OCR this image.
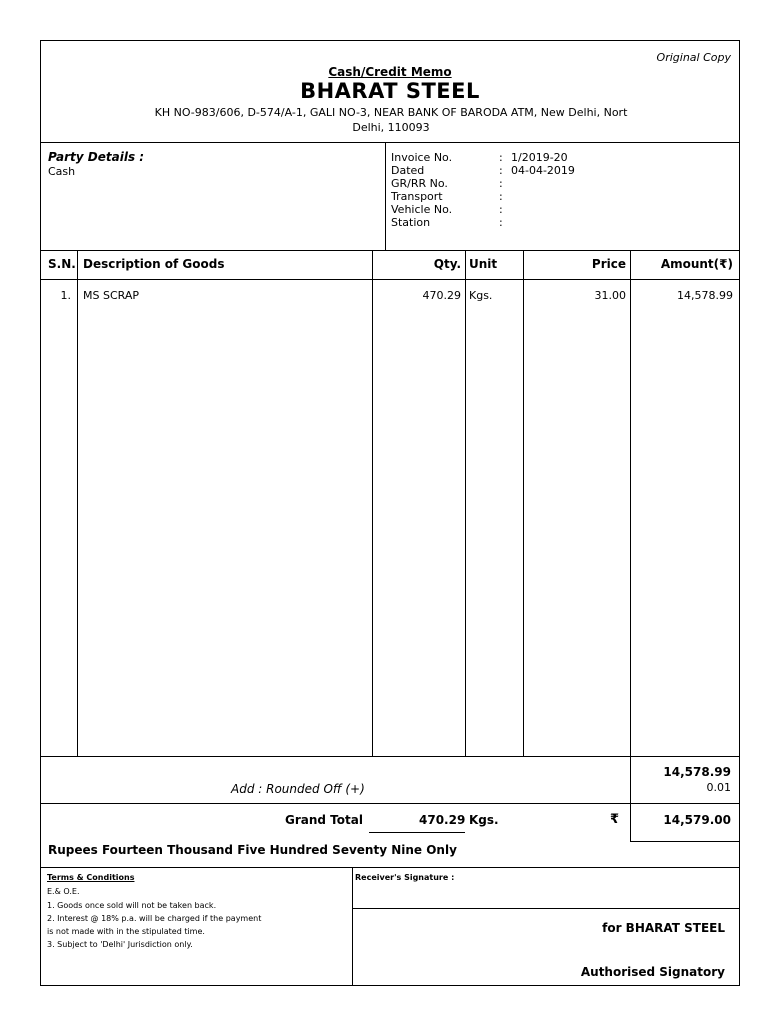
Original Copy
Cash/Credit Memo
BHARAT STEEL
KH NO-983/606, D-574/A-1, GALI NO-3, NEAR BANK OF BARODA ATM, New Delhi, Nort
Delhi, 110093
Party Details :
Cash
Invoice No.	: 1/2019-20
Dated	: 04-04-2019
GR/RR No.	:
Transport	:
Vehicle No.	:
Station	:
S.N. Description of Goods	Qty. Unit	Price	Amount(₹)
1. MS SCRAP	470.29 Kgs.	31.00	14,578.99
14,578.99
Add : Rounded Off (+)	0.01
Grand Total	470.29 Kgs.	₹	14,579.00
Rupees Fourteen Thousand Five Hundred Seventy Nine Only
Terms & Conditions
E.& O.E.
1. Goods once sold will not be taken back.
2. Interest @ 18% p.a. will be charged if the payment
is not made with in the stipulated time.
3. Subject to 'Delhi' Jurisdiction only.
Receiver's Signature :
for BHARAT STEEL
Authorised Signatory
